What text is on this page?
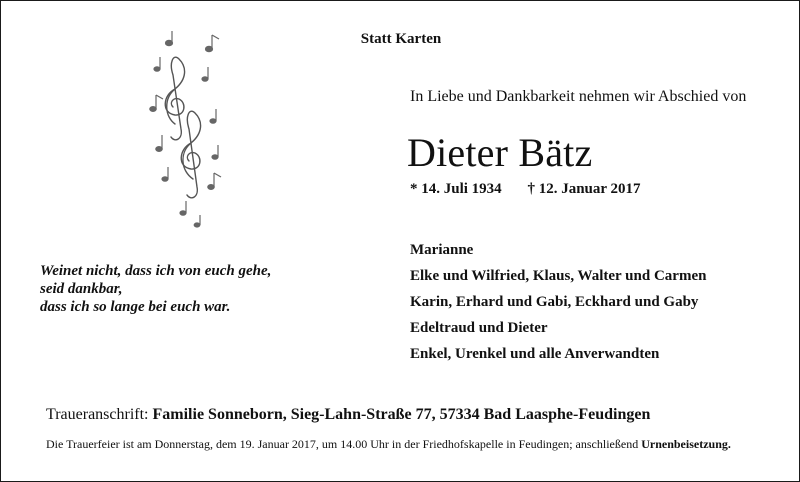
Statt Karten
In Liebe und Dankbarkeit nehmen wir Abschied von
Dieter Bätz
* 14. Juli 1934 † 12. Januar 2017
Marianne
Elke und Wilfried, Klaus, Walter und Carmen
Karin, Erhard und Gabi, Eckhard und Gaby
Edeltraud und Dieter
Enkel, Urenkel und alle Anverwandten
Weinet nicht, dass ich von euch gehe,
seid dankbar,
dass ich so lange bei euch war.
Traueranschrift: Familie Sonneborn, Sieg-Lahn-Straße 77, 57334 Bad Laasphe-Feudingen
Die Trauerfeier ist am Donnerstag, dem 19. Januar 2017, um 14.00 Uhr in der Friedhofskapelle in Feudingen; anschließend Urnenbeisetzung.
